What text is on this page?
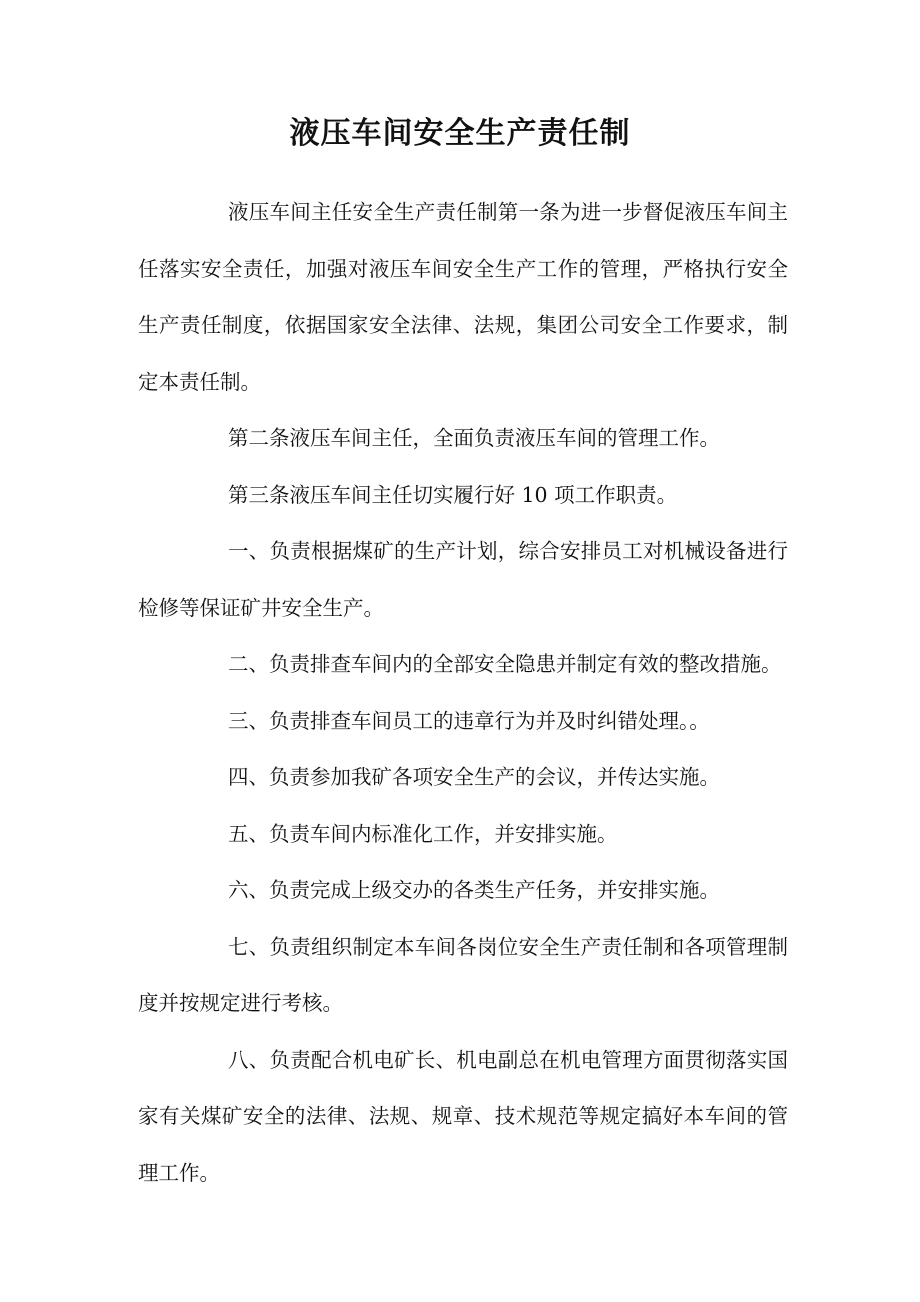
液压车间安全生产责任制

液压车间主任安全生产责任制第一条为进一步督促液压车间主任落实安全责任，加强对液压车间安全生产工作的管理，严格执行安全生产责任制度，依据国家安全法律、法规，集团公司安全工作要求，制定本责任制。

第二条液压车间主任，全面负责液压车间的管理工作。

第三条液压车间主任切实履行好 10 项工作职责。

一、负责根据煤矿的生产计划，综合安排员工对机械设备进行检修等保证矿井安全生产。

二、负责排查车间内的全部安全隐患并制定有效的整改措施。

三、负责排查车间员工的违章行为并及时纠错处理。。

四、负责参加我矿各项安全生产的会议，并传达实施。

五、负责车间内标准化工作，并安排实施。

六、负责完成上级交办的各类生产任务，并安排实施。

七、负责组织制定本车间各岗位安全生产责任制和各项管理制度并按规定进行考核。

八、负责配合机电矿长、机电副总在机电管理方面贯彻落实国家有关煤矿安全的法律、法规、规章、技术规范等规定搞好本车间的管理工作。
